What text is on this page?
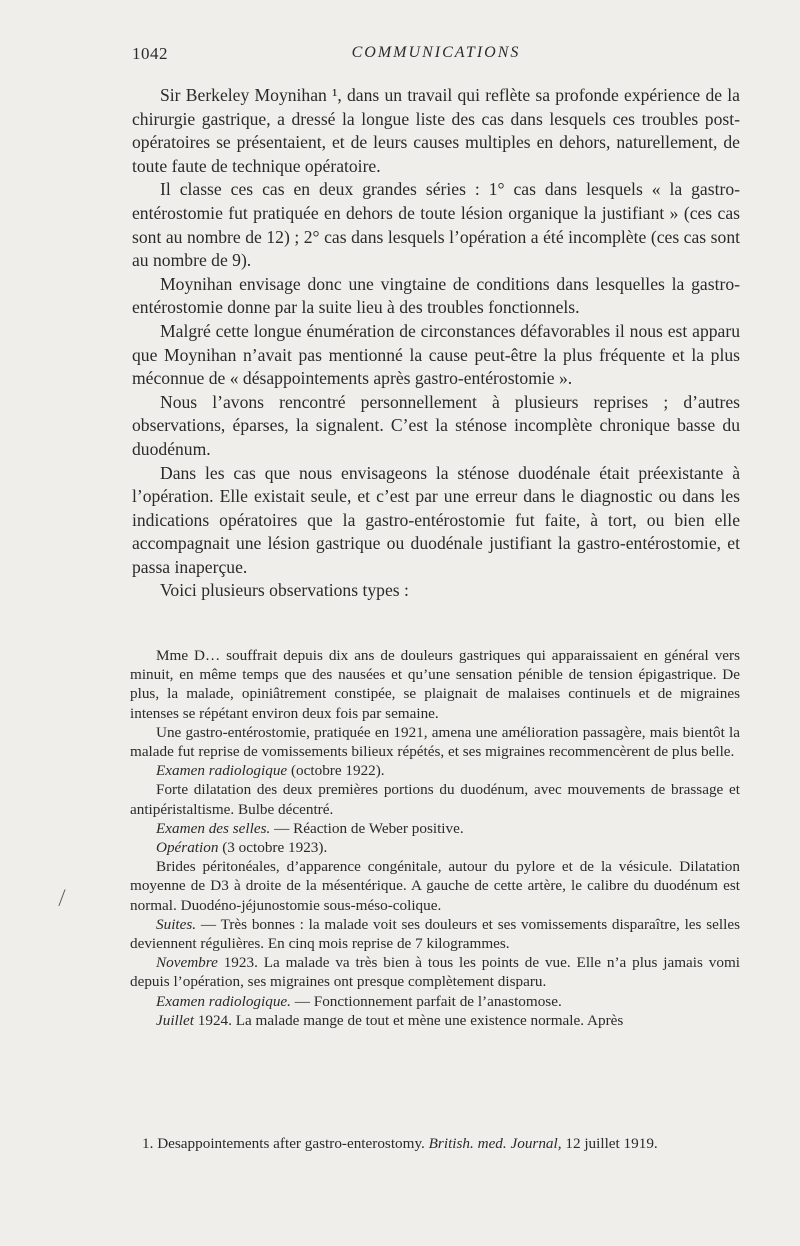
1042	COMMUNICATIONS

Sir Berkeley Moynihan ¹, dans un travail qui reflète sa profonde expérience de la chirurgie gastrique, a dressé la longue liste des cas dans lesquels ces troubles post-opératoires se présentaient, et de leurs causes multiples en dehors, naturellement, de toute faute de technique opératoire.

Il classe ces cas en deux grandes séries : 1° cas dans lesquels « la gastro-entérostomie fut pratiquée en dehors de toute lésion organique la justifiant » (ces cas sont au nombre de 12) ; 2° cas dans lesquels l’opération a été incomplète (ces cas sont au nombre de 9).

Moynihan envisage donc une vingtaine de conditions dans lesquelles la gastro-entérostomie donne par la suite lieu à des troubles fonctionnels.

Malgré cette longue énumération de circonstances défavorables il nous est apparu que Moynihan n’avait pas mentionné la cause peut-être la plus fréquente et la plus méconnue de « désappointements après gastro-entérostomie ».

Nous l’avons rencontré personnellement à plusieurs reprises ; d’autres observations, éparses, la signalent. C’est la sténose incomplète chronique basse du duodénum.

Dans les cas que nous envisageons la sténose duodénale était préexistante à l’opération. Elle existait seule, et c’est par une erreur dans le diagnostic ou dans les indications opératoires que la gastro-entérostomie fut faite, à tort, ou bien elle accompagnait une lésion gastrique ou duodénale justifiant la gastro-entérostomie, et passa inaperçue.

Voici plusieurs observations types :

Mme D… souffrait depuis dix ans de douleurs gastriques qui apparaissaient en général vers minuit, en même temps que des nausées et qu’une sensation pénible de tension épigastrique. De plus, la malade, opiniâtrement constipée, se plaignait de malaises continuels et de migraines intenses se répétant environ deux fois par semaine.

Une gastro-entérostomie, pratiquée en 1921, amena une amélioration passagère, mais bientôt la malade fut reprise de vomissements bilieux répétés, et ses migraines recommencèrent de plus belle.

Examen radiologique (octobre 1922).

Forte dilatation des deux premières portions du duodénum, avec mouvements de brassage et antipéristaltisme. Bulbe décentré.

Examen des selles. — Réaction de Weber positive.

Opération (3 octobre 1923).

Brides péritonéales, d’apparence congénitale, autour du pylore et de la vésicule. Dilatation moyenne de D3 à droite de la mésentérique. A gauche de cette artère, le calibre du duodénum est normal. Duodéno-jéjunostomie sous-méso-colique.

Suites. — Très bonnes : la malade voit ses douleurs et ses vomissements disparaître, les selles deviennent régulières. En cinq mois reprise de 7 kilogrammes.

Novembre 1923. La malade va très bien à tous les points de vue. Elle n’a plus jamais vomi depuis l’opération, ses migraines ont presque complètement disparu.

Examen radiologique. — Fonctionnement parfait de l’anastomose.

Juillet 1924. La malade mange de tout et mène une existence normale. Après

1. Desappointements after gastro-enterostomy. British. med. Journal, 12 juillet 1919.

⟋
